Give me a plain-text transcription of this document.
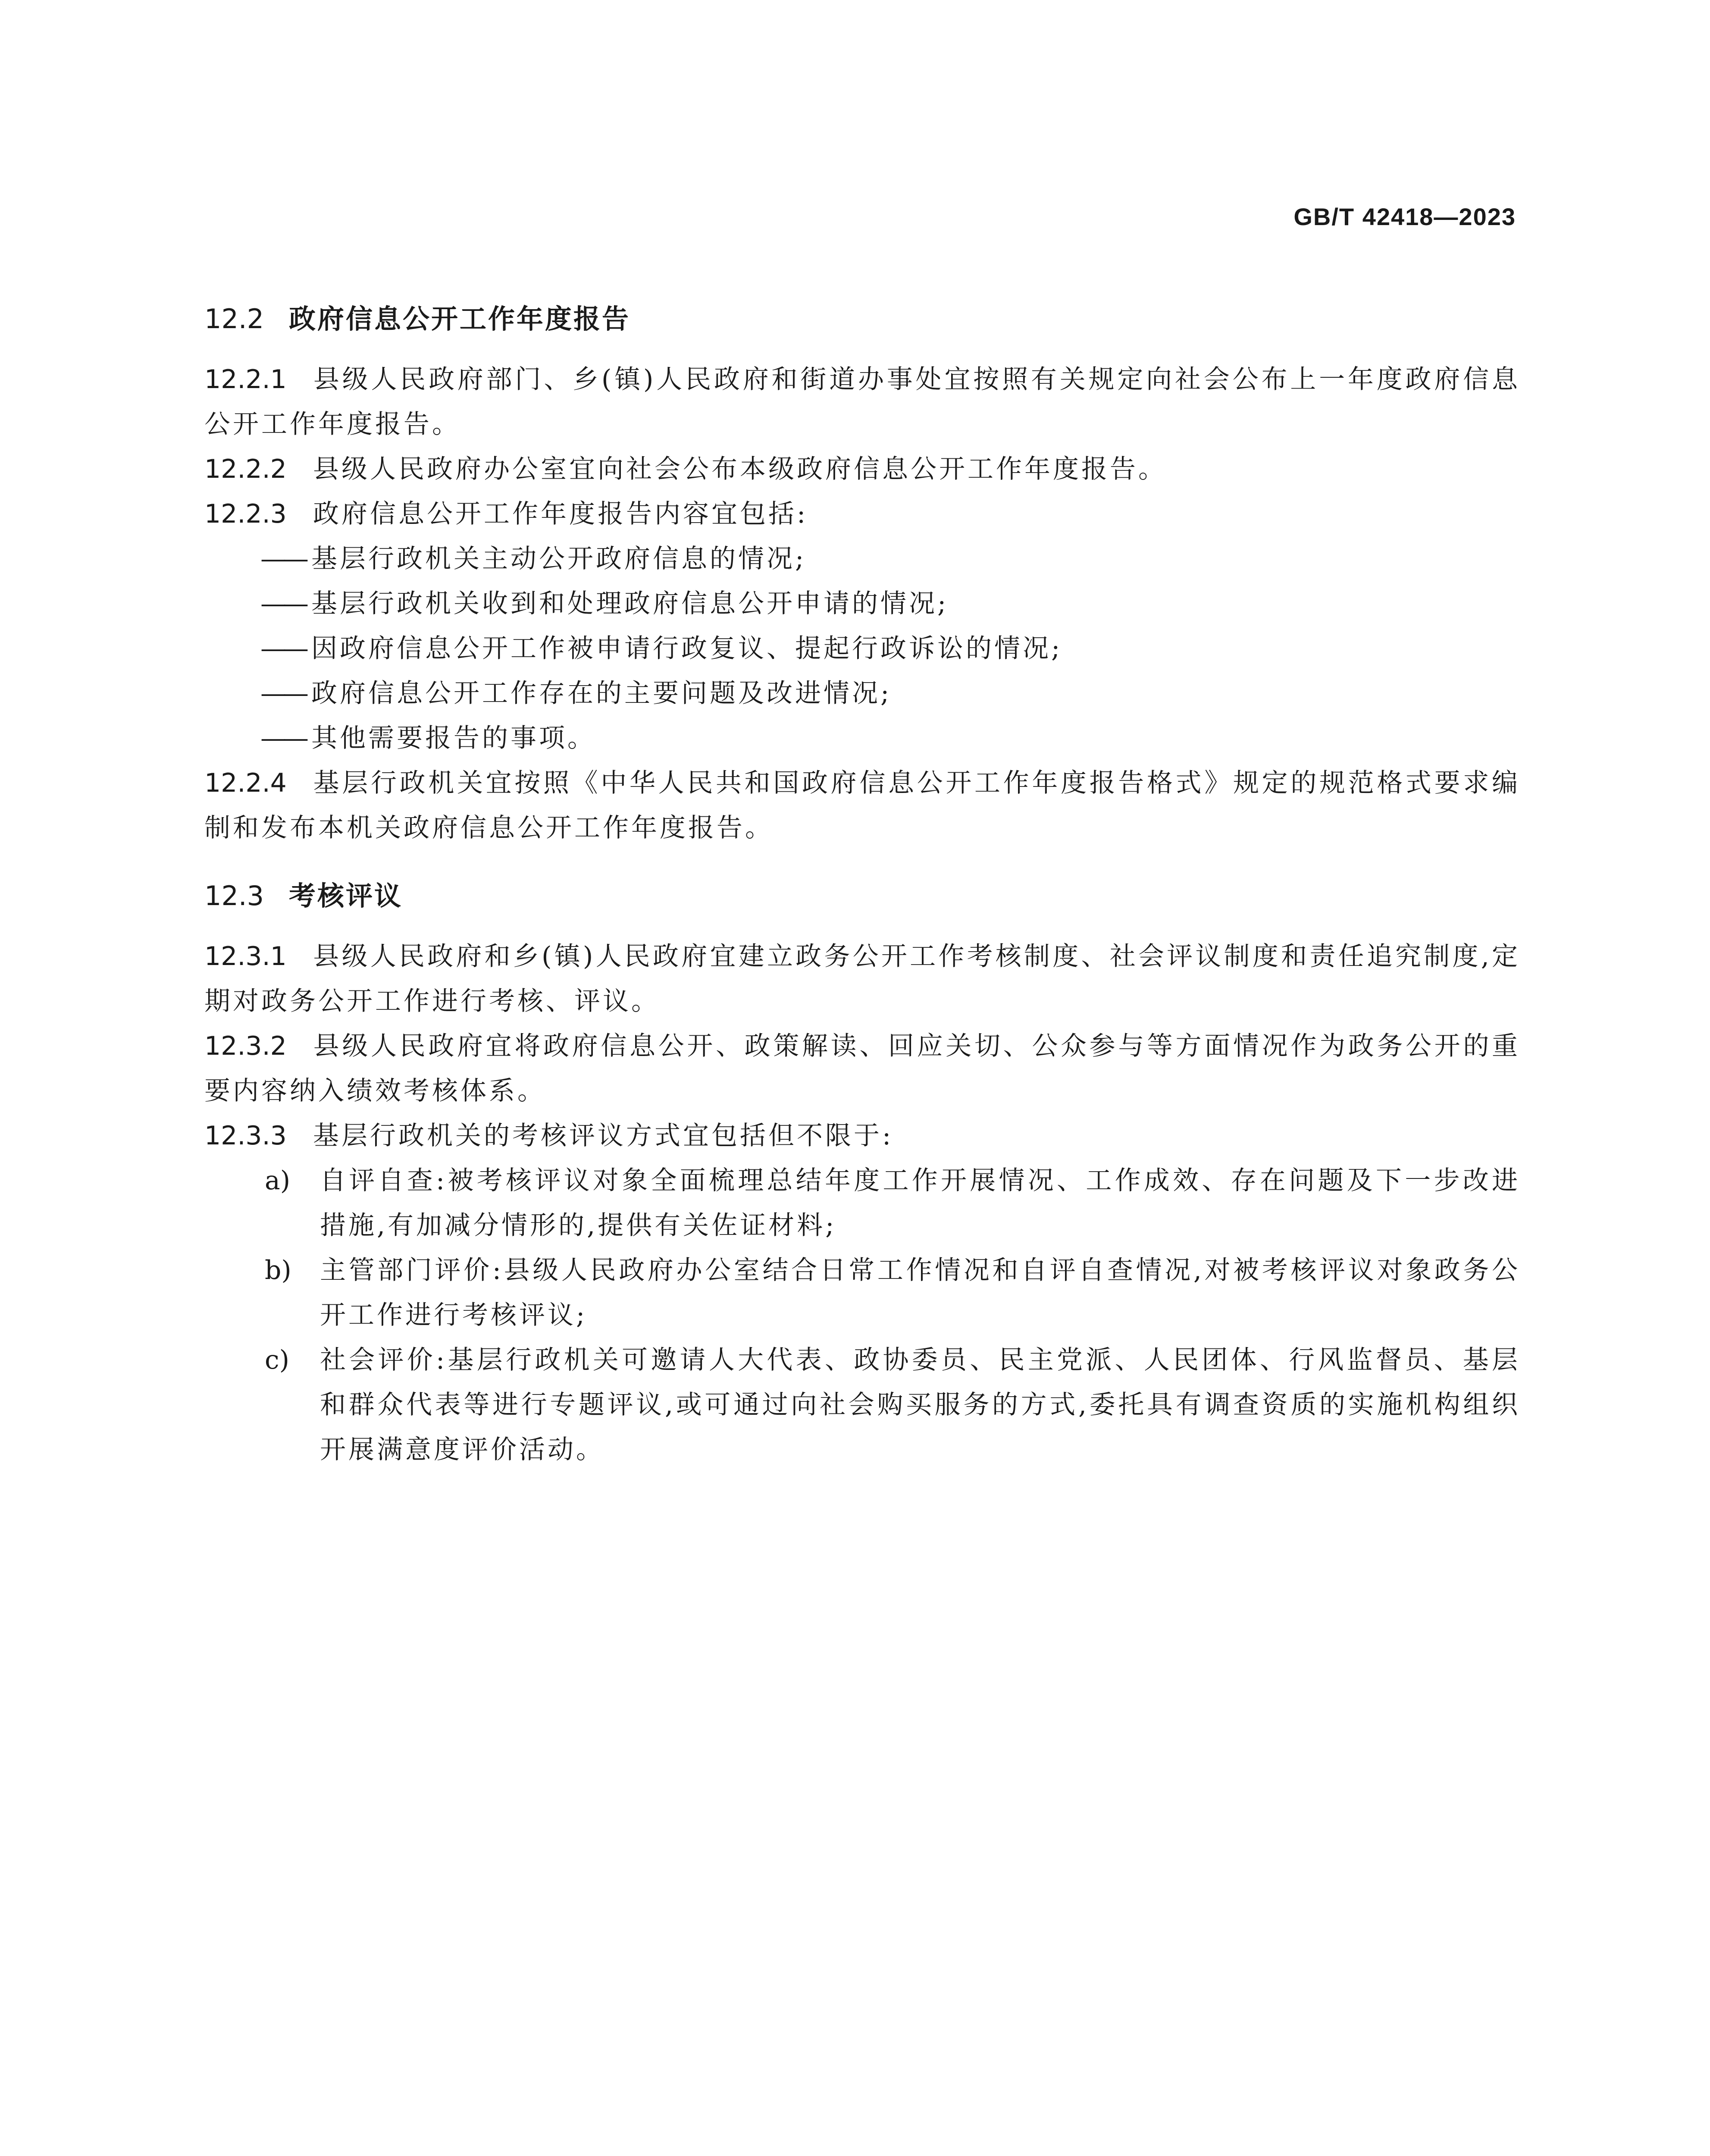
GB/T 42418—2023
12.2 政府信息公开工作年度报告

12.2.1 县级人民政府部门、乡(镇)人民政府和街道办事处宜按照有关规定向社会公布上一年度政府信息公开工作年度报告。

12.2.2 县级人民政府办公室宜向社会公布本级政府信息公开工作年度报告。

12.2.3 政府信息公开工作年度报告内容宜包括:

—— 基层行政机关主动公开政府信息的情况;

—— 基层行政机关收到和处理政府信息公开申请的情况;

—— 因政府信息公开工作被申请行政复议、提起行政诉讼的情况;

—— 政府信息公开工作存在的主要问题及改进情况;

—— 其他需要报告的事项。

12.2.4 基层行政机关宜按照《中华人民共和国政府信息公开工作年度报告格式》规定的规范格式要求编制和发布本机关政府信息公开工作年度报告。

12.3 考核评议

12.3.1 县级人民政府和乡(镇)人民政府宜建立政务公开工作考核制度、社会评议制度和责任追究制度,定期对政务公开工作进行考核、评议。

12.3.2 县级人民政府宜将政府信息公开、政策解读、回应关切、公众参与等方面情况作为政务公开的重要内容纳入绩效考核体系。

12.3.3 基层行政机关的考核评议方式宜包括但不限于:

a)	自评自查:被考核评议对象全面梳理总结年度工作开展情况、工作成效、存在问题及下一步改进措施,有加减分情形的,提供有关佐证材料;
b)	主管部门评价:县级人民政府办公室结合日常工作情况和自评自查情况,对被考核评议对象政务公开工作进行考核评议;
c)	社会评价:基层行政机关可邀请人大代表、政协委员、民主党派、人民团体、行风监督员、基层和群众代表等进行专题评议,或可通过向社会购买服务的方式,委托具有调查资质的实施机构组织开展满意度评价活动。
